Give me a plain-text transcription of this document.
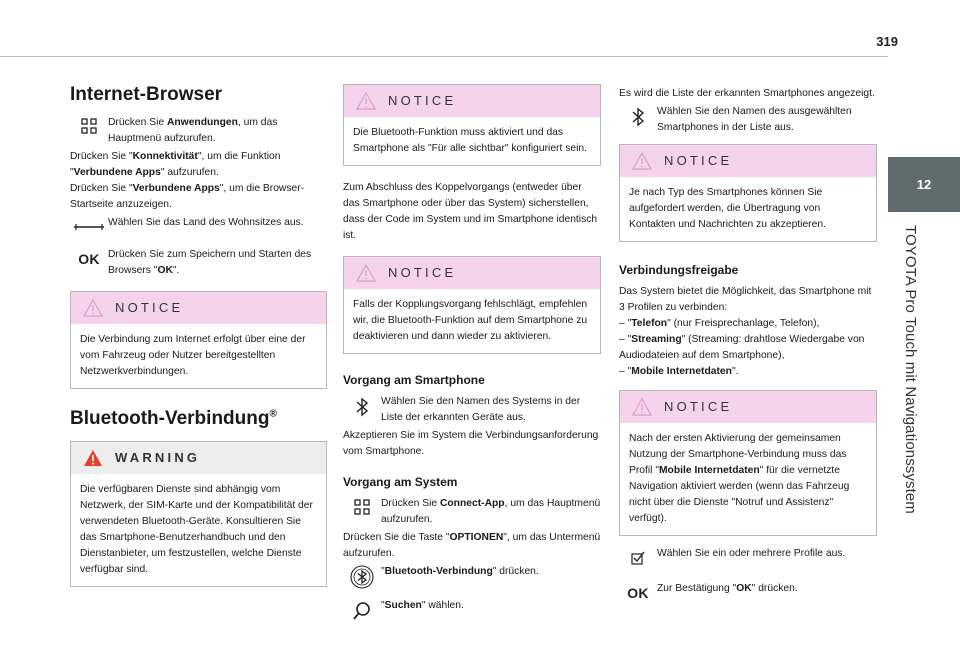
319
12
TOYOTA Pro Touch mit Navigationssystem
Internet-Browser
Drücken Sie Anwendungen, um das Hauptmenü aufzurufen.

Drücken Sie "Konnektivität", um die Funktion
"Verbundene Apps" aufzurufen.

Drücken Sie "Verbundene Apps", um die Browser-Startseite anzuzeigen.

Wählen Sie das Land des Wohnsitzes aus.
OK Drücken Sie zum Speichern und Starten des Browsers "OK".
NOTICE
Die Verbindung zum Internet erfolgt über eine der vom Fahrzeug oder Nutzer bereitgestellten Netzwerkverbindungen.
Bluetooth-Verbindung®
WARNING
Die verfügbaren Dienste sind abhängig vom Netzwerk, der SIM-Karte und der Kompatibilität der verwendeten Bluetooth-Geräte. Konsultieren Sie das Smartphone-Benutzerhandbuch und den Dienstanbieter, um festzustellen, welche Dienste verfügbar sind.
NOTICE
Die Bluetooth-Funktion muss aktiviert und das Smartphone als "Für alle sichtbar" konfiguriert sein.

Zum Abschluss des Koppelvorgangs (entweder über das Smartphone oder über das System) sicherstellen, dass der Code im System und im Smartphone identisch ist.

NOTICE
Falls der Kopplungsvorgang fehlschlägt, empfehlen wir, die Bluetooth-Funktion auf dem Smartphone zu deaktivieren und dann wieder zu aktivieren.
Vorgang am Smartphone
Wählen Sie den Namen des Systems in der Liste der erkannten Geräte aus.

Akzeptieren Sie im System die Verbindungsanforderung vom Smartphone.

Vorgang am System
Drücken Sie Connect-App, um das Hauptmenü aufzurufen.

Drücken Sie die Taste "OPTIONEN", um das Untermenü aufzurufen.

"Bluetooth-Verbindung" drücken.
"Suchen" wählen.

Es wird die Liste der erkannten Smartphones angezeigt.

Wählen Sie den Namen des ausgewählten Smartphones in der Liste aus.
NOTICE
Je nach Typ des Smartphones können Sie aufgefordert werden, die Übertragung von Kontakten und Nachrichten zu akzeptieren.
Verbindungsfreigabe

Das System bietet die Möglichkeit, das Smartphone mit 3 Profilen zu verbinden:

– "Telefon" (nur Freisprechanlage, Telefon),

– "Streaming" (Streaming: drahtlose Wiedergabe von Audiodateien auf dem Smartphone),

– "Mobile Internetdaten".

NOTICE
Nach der ersten Aktivierung der gemeinsamen Nutzung der Smartphone-Verbindung muss das Profil "Mobile Internetdaten" für die vernetzte Navigation aktiviert werden (wenn das Fahrzeug nicht über die Dienste "Notruf und Assistenz" verfügt).
Wählen Sie ein oder mehrere Profile aus.
OK Zur Bestätigung "OK" drücken.
